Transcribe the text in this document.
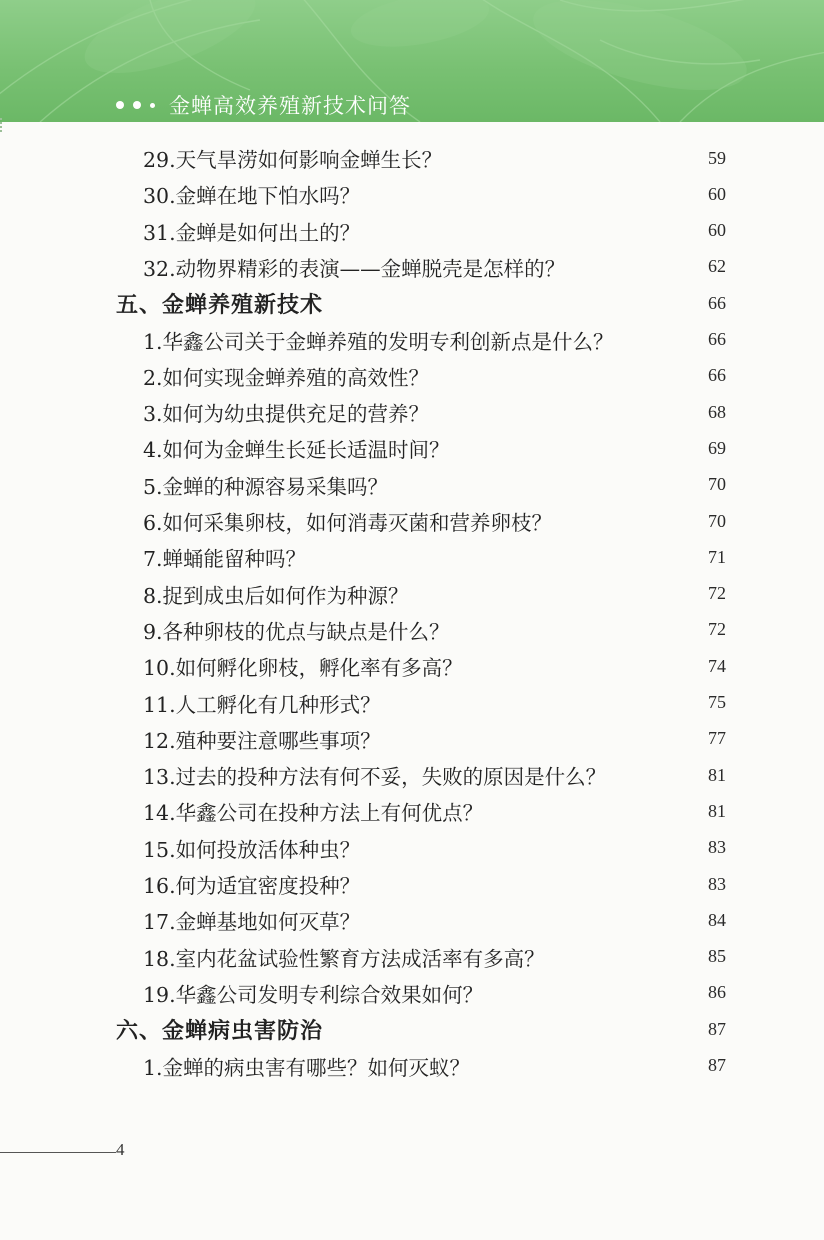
金蝉高效养殖新技术问答
29.天气旱涝如何影响金蝉生长？	59
30.金蝉在地下怕水吗？	60
31.金蝉是如何出土的？	60
32.动物界精彩的表演——金蝉脱壳是怎样的？	62
五、金蝉养殖新技术	66
1.华鑫公司关于金蝉养殖的发明专利创新点是什么？	66
2.如何实现金蝉养殖的高效性？	66
3.如何为幼虫提供充足的营养？	68
4.如何为金蝉生长延长适温时间？	69
5.金蝉的种源容易采集吗？	70
6.如何采集卵枝，如何消毒灭菌和营养卵枝？	70
7.蝉蛹能留种吗？	71
8.捉到成虫后如何作为种源？	72
9.各种卵枝的优点与缺点是什么？	72
10.如何孵化卵枝，孵化率有多高？	74
11.人工孵化有几种形式？	75
12.殖种要注意哪些事项？	77
13.过去的投种方法有何不妥，失败的原因是什么？	81
14.华鑫公司在投种方法上有何优点？	81
15.如何投放活体种虫？	83
16.何为适宜密度投种？	83
17.金蝉基地如何灭草？	84
18.室内花盆试验性繁育方法成活率有多高？	85
19.华鑫公司发明专利综合效果如何？	86
六、金蝉病虫害防治	87
1.金蝉的病虫害有哪些？如何灭蚁？	87
4
